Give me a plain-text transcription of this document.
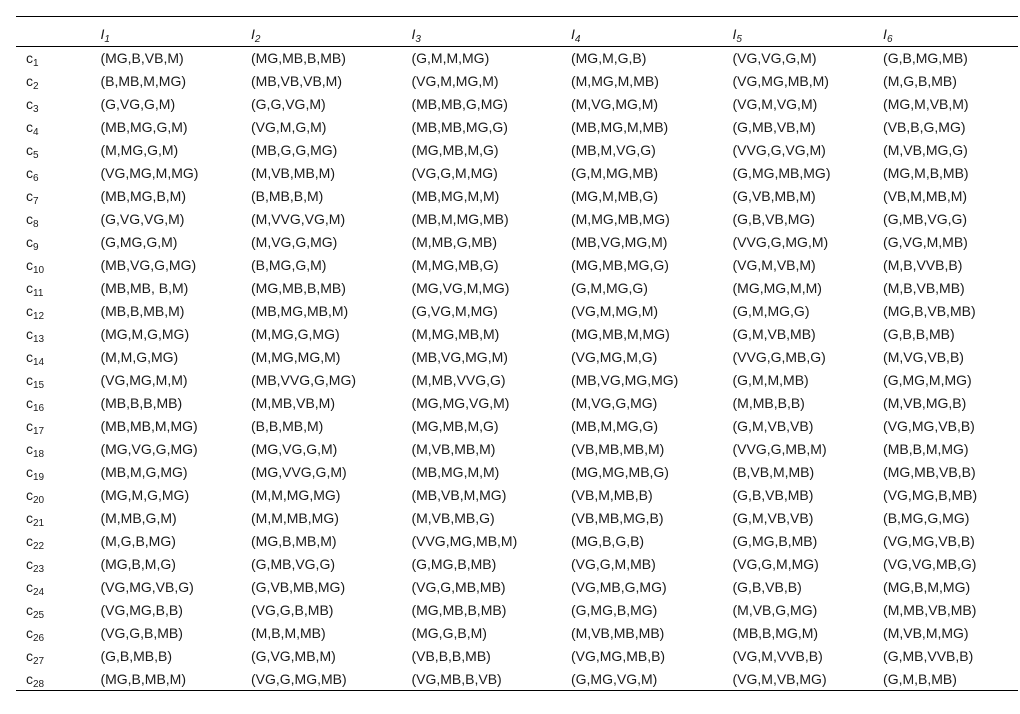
	$I_1$	$I_2$	$I_3$	$I_4$	$I_5$	$I_6$
$c_1$	(MG,B,VB,M)	(MG,MB,B,MB)	(G,M,M,MG)	(MG,M,G,B)	(VG,VG,G,M)	(G,B,MG,MB)
$c_2$	(B,MB,M,MG)	(MB,VB,VB,M)	(VG,M,MG,M)	(M,MG,M,MB)	(VG,MG,MB,M)	(M,G,B,MB)
$c_3$	(G,VG,G,M)	(G,G,VG,M)	(MB,MB,G,MG)	(M,VG,MG,M)	(VG,M,VG,M)	(MG,M,VB,M)
$c_4$	(MB,MG,G,M)	(VG,M,G,M)	(MB,MB,MG,G)	(MB,MG,M,MB)	(G,MB,VB,M)	(VB,B,G,MG)
$c_5$	(M,MG,G,M)	(MB,G,G,MG)	(MG,MB,M,G)	(MB,M,VG,G)	(VVG,G,VG,M)	(M,VB,MG,G)
$c_6$	(VG,MG,M,MG)	(M,VB,MB,M)	(VG,G,M,MG)	(G,M,MG,MB)	(G,MG,MB,MG)	(MG,M,B,MB)
$c_7$	(MB,MG,B,M)	(B,MB,B,M)	(MB,MG,M,M)	(MG,M,MB,G)	(G,VB,MB,M)	(VB,M,MB,M)
$c_8$	(G,VG,VG,M)	(M,VVG,VG,M)	(MB,M,MG,MB)	(M,MG,MB,MG)	(G,B,VB,MG)	(G,MB,VG,G)
$c_9$	(G,MG,G,M)	(M,VG,G,MG)	(M,MB,G,MB)	(MB,VG,MG,M)	(VVG,G,MG,M)	(G,VG,M,MB)
$c_{10}$	(MB,VG,G,MG)	(B,MG,G,M)	(M,MG,MB,G)	(MG,MB,MG,G)	(VG,M,VB,M)	(M,B,VVB,B)
$c_{11}$	(MB,MB, B,M)	(MG,MB,B,MB)	(MG,VG,M,MG)	(G,M,MG,G)	(MG,MG,M,M)	(M,B,VB,MB)
$c_{12}$	(MB,B,MB,M)	(MB,MG,MB,M)	(G,VG,M,MG)	(VG,M,MG,M)	(G,M,MG,G)	(MG,B,VB,MB)
$c_{13}$	(MG,M,G,MG)	(M,MG,G,MG)	(M,MG,MB,M)	(MG,MB,M,MG)	(G,M,VB,MB)	(G,B,B,MB)
$c_{14}$	(M,M,G,MG)	(M,MG,MG,M)	(MB,VG,MG,M)	(VG,MG,M,G)	(VVG,G,MB,G)	(M,VG,VB,B)
$c_{15}$	(VG,MG,M,M)	(MB,VVG,G,MG)	(M,MB,VVG,G)	(MB,VG,MG,MG)	(G,M,M,MB)	(G,MG,M,MG)
$c_{16}$	(MB,B,B,MB)	(M,MB,VB,M)	(MG,MG,VG,M)	(M,VG,G,MG)	(M,MB,B,B)	(M,VB,MG,B)
$c_{17}$	(MB,MB,M,MG)	(B,B,MB,M)	(MG,MB,M,G)	(MB,M,MG,G)	(G,M,VB,VB)	(VG,MG,VB,B)
$c_{18}$	(MG,VG,G,MG)	(MG,VG,G,M)	(M,VB,MB,M)	(VB,MB,MB,M)	(VVG,G,MB,M)	(MB,B,M,MG)
$c_{19}$	(MB,M,G,MG)	(MG,VVG,G,M)	(MB,MG,M,M)	(MG,MG,MB,G)	(B,VB,M,MB)	(MG,MB,VB,B)
$c_{20}$	(MG,M,G,MG)	(M,M,MG,MG)	(MB,VB,M,MG)	(VB,M,MB,B)	(G,B,VB,MB)	(VG,MG,B,MB)
$c_{21}$	(M,MB,G,M)	(M,M,MB,MG)	(M,VB,MB,G)	(VB,MB,MG,B)	(G,M,VB,VB)	(B,MG,G,MG)
$c_{22}$	(M,G,B,MG)	(MG,B,MB,M)	(VVG,MG,MB,M)	(MG,B,G,B)	(G,MG,B,MB)	(VG,MG,VB,B)
$c_{23}$	(MG,B,M,G)	(G,MB,VG,G)	(G,MG,B,MB)	(VG,G,M,MB)	(VG,G,M,MG)	(VG,VG,MB,G)
$c_{24}$	(VG,MG,VB,G)	(G,VB,MB,MG)	(VG,G,MB,MB)	(VG,MB,G,MG)	(G,B,VB,B)	(MG,B,M,MG)
$c_{25}$	(VG,MG,B,B)	(VG,G,B,MB)	(MG,MB,B,MB)	(G,MG,B,MG)	(M,VB,G,MG)	(M,MB,VB,MB)
$c_{26}$	(VG,G,B,MB)	(M,B,M,MB)	(MG,G,B,M)	(M,VB,MB,MB)	(MB,B,MG,M)	(M,VB,M,MG)
$c_{27}$	(G,B,MB,B)	(G,VG,MB,M)	(VB,B,B,MB)	(VG,MG,MB,B)	(VG,M,VVB,B)	(G,MB,VVB,B)
$c_{28}$	(MG,B,MB,M)	(VG,G,MG,MB)	(VG,MB,B,VB)	(G,MG,VG,M)	(VG,M,VB,MG)	(G,M,B,MB)
